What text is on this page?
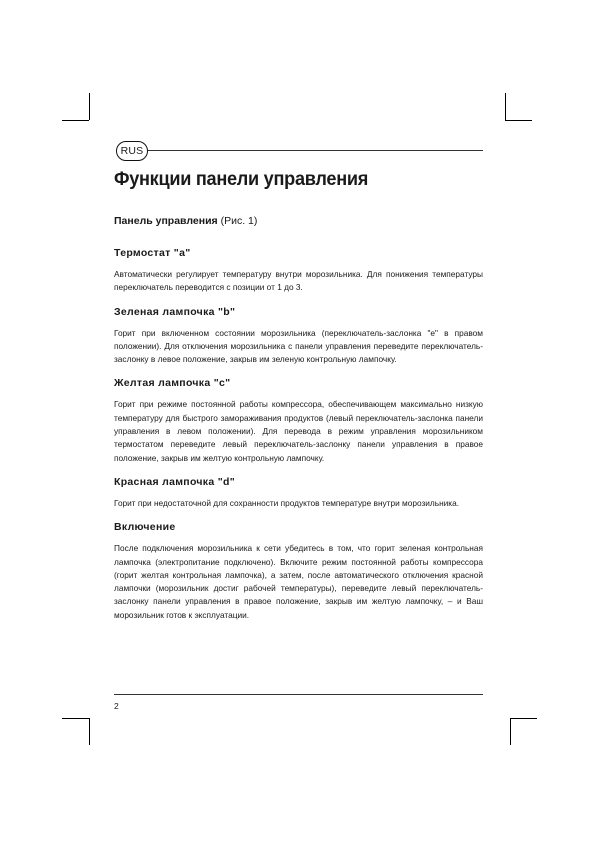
RUS
Функции панели управления

Панель управления (Рис. 1)

Термостат "a"

Автоматически регулирует температуру внутри морозильника. Для понижения температуры переключатель переводится с позиции от 1 до 3.

Зеленая лампочка "b"

Горит при включенном состоянии морозильника (переключатель-заслонка "e" в правом положении). Для отключения морозильника с панели управления переведите переключатель-заслонку в левое положение, закрыв им зеленую контрольную лампочку.

Желтая лампочка "c"

Горит при режиме постоянной работы компрессора, обеспечивающем максимально низкую температуру для быстрого замораживания продуктов (левый переключатель-заслонка панели управления в левом положении). Для перевода в режим управления морозильником термостатом переведите левый переключатель-заслонку панели управления в правое положение, закрыв им желтую контрольную лампочку.

Красная лампочка "d"

Горит при недостаточной для сохранности продуктов температуре внутри морозильника.

Включение

После подключения морозильника к сети убедитесь в том, что горит зеленая контрольная лампочка (электропитание подключено). Включите режим постоянной работы компрессора (горит желтая контрольная лампочка), а затем, после автоматического отключения красной лампочки (морозильник достиг рабочей температуры), переведите левый переключатель-заслонку панели управления в правое положение, закрыв им желтую лампочку, – и Ваш морозильник готов к эксплуатации.

2
